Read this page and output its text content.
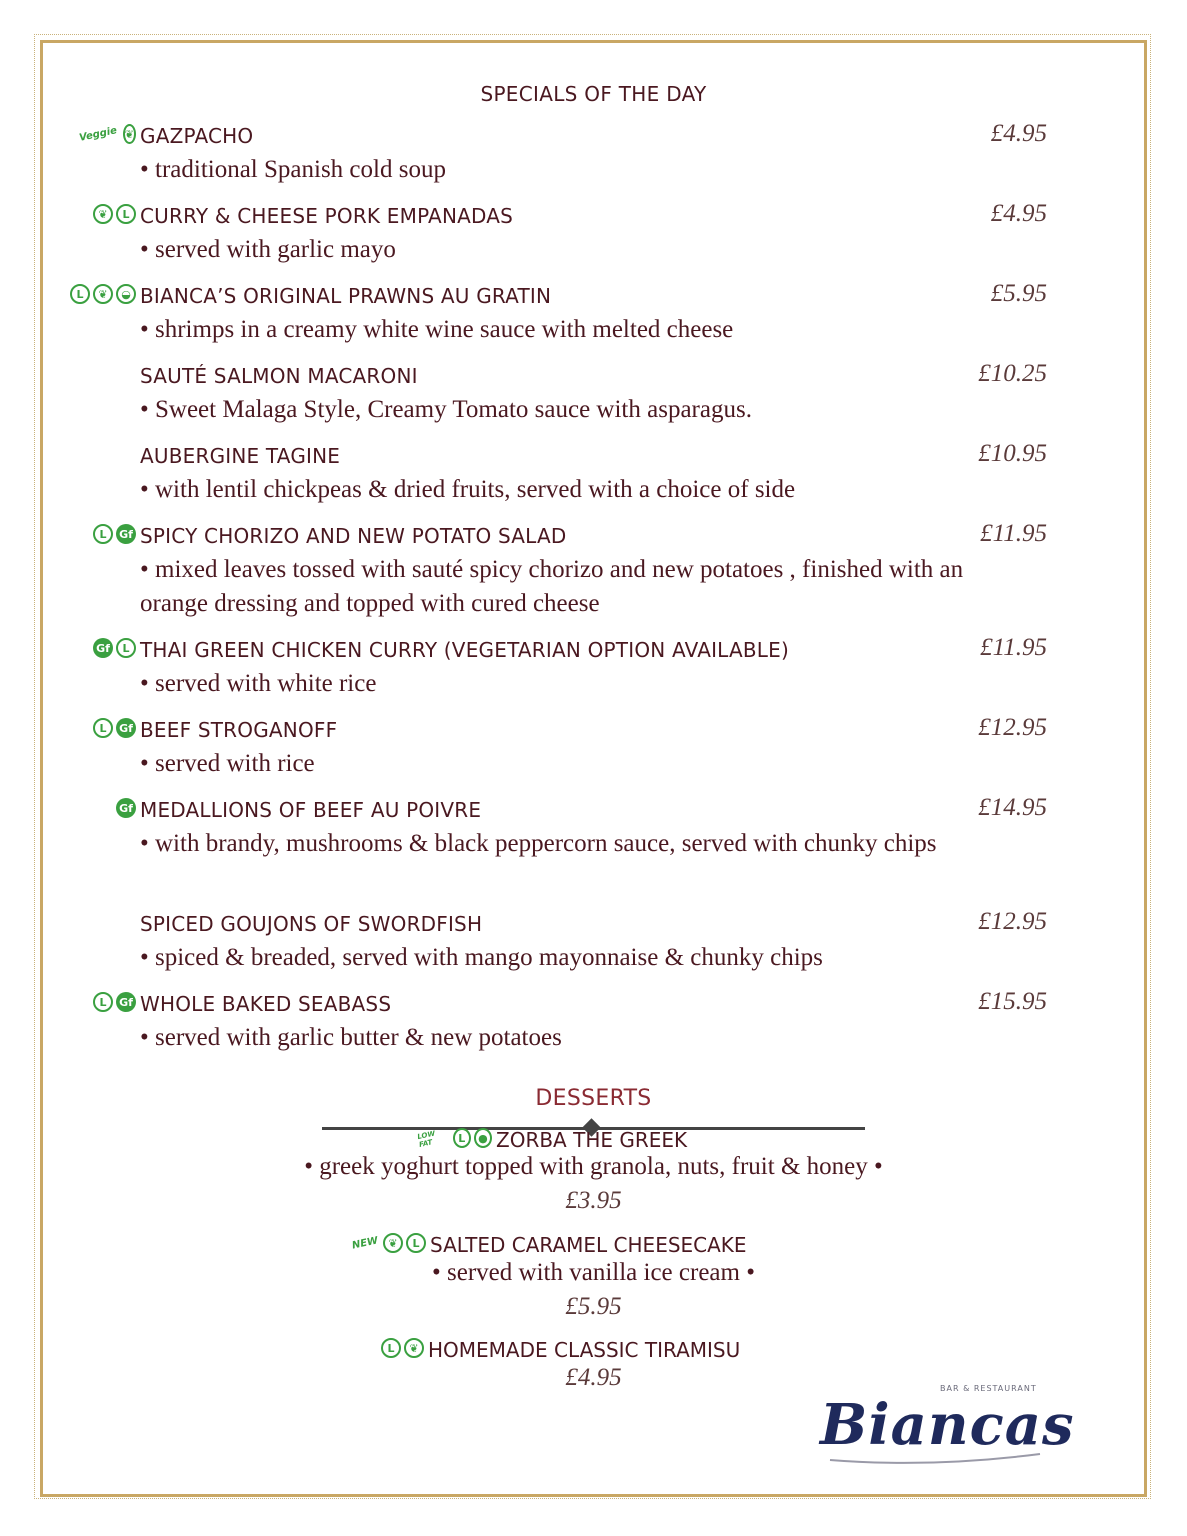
SPECIALS OF THE DAY
Veggie ❦ GAZPACHO	£4.95
• traditional Spanish cold soup
❦	L CURRY & CHEESE PORK EMPANADAS	£4.95
• served with garlic mayo
L	❦	◒ BIANCA’S ORIGINAL PRAWNS AU GRATIN	£5.95
• shrimps in a creamy white wine sauce with melted cheese
SAUTÉ SALMON MACARONI	£10.25
• Sweet Malaga Style, Creamy Tomato sauce with asparagus.
AUBERGINE TAGINE	£10.95
• with lentil chickpeas & dried fruits, served with a choice of side
L	Gf SPICY CHORIZO AND NEW POTATO SALAD	£11.95
• mixed leaves tossed with sauté spicy chorizo and new potatoes , finished with an orange dressing and topped with cured cheese
Gf	L THAI GREEN CHICKEN CURRY (VEGETARIAN OPTION AVAILABLE)	£11.95
• served with white rice
L	Gf BEEF STROGANOFF	£12.95
• served with rice
Gf MEDALLIONS OF BEEF AU POIVRE	£14.95
• with brandy, mushrooms & black peppercorn sauce, served with chunky chips
SPICED GOUJONS OF SWORDFISH	£12.95
• spiced & breaded, served with mango mayonnaise & chunky chips
L	Gf WHOLE BAKED SEABASS	£15.95
• served with garlic butter & new potatoes
DESSERTS
LOW FAT	L	● ZORBA THE GREEK
• greek yoghurt topped with granola, nuts, fruit & honey •
£3.95
NEW ❦	L SALTED CARAMEL CHEESECAKE
• served with vanilla ice cream •
£5.95
L	❦ HOMEMADE CLASSIC TIRAMISU
£4.95	BAR & RESTAURANT
Biancas
